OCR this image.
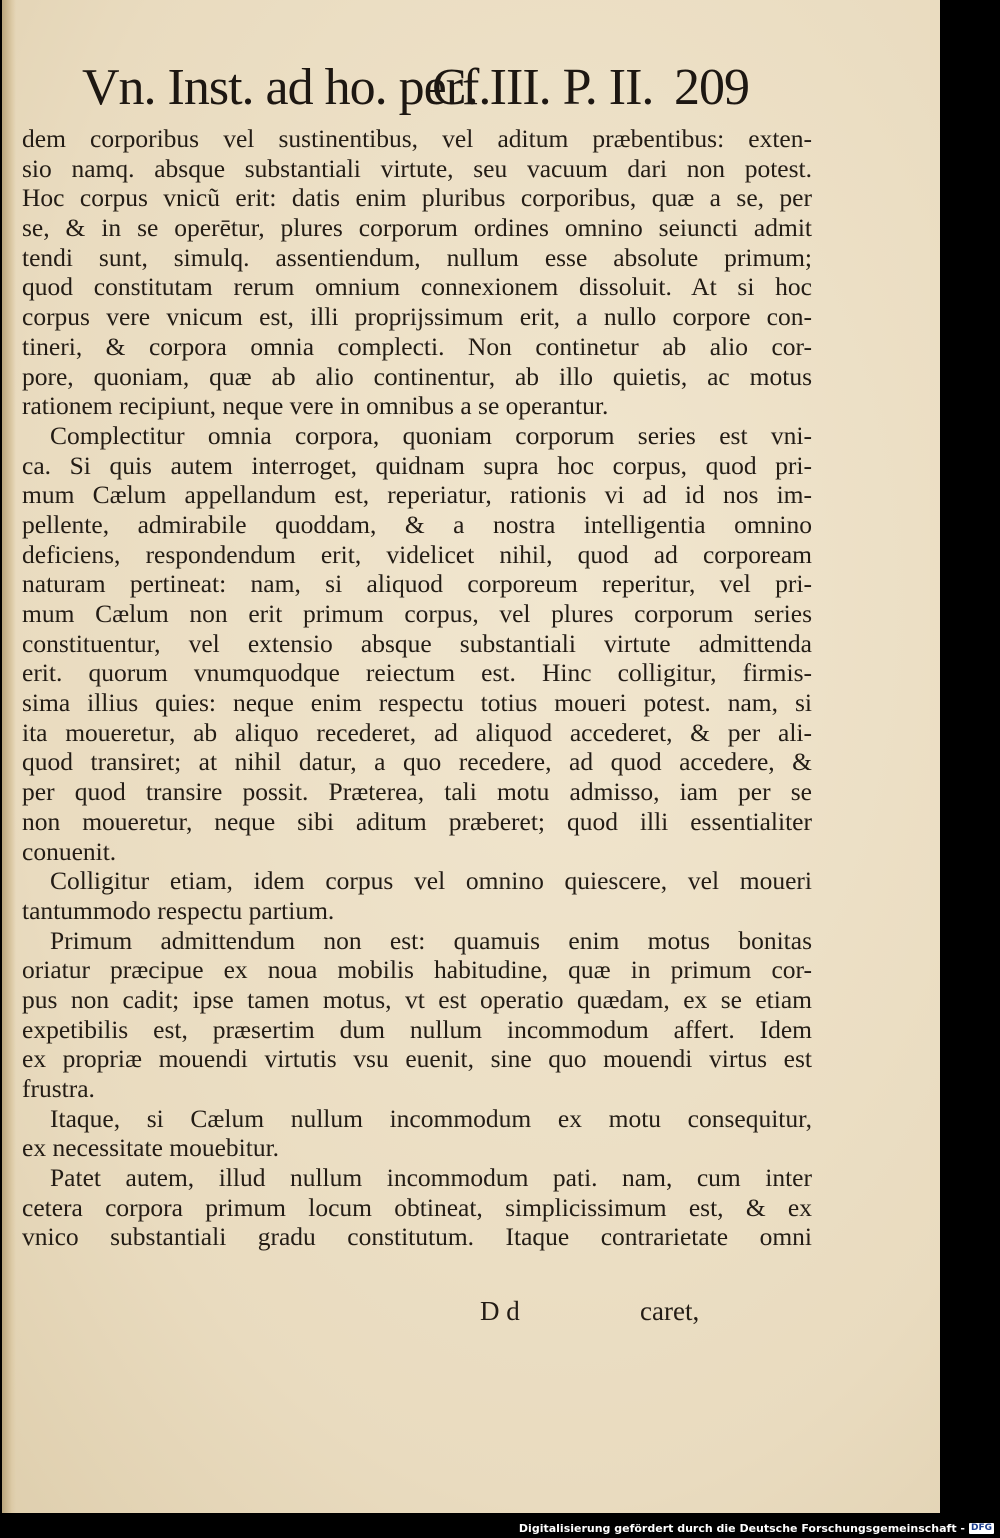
Vn. Inst. ad ho. perf.
C. III. P. II. 209
dem corporibus vel sustinentibus, vel aditum præbentibus: exten-
sio namq. absque substantiali virtute, seu vacuum dari non potest.
Hoc corpus vnicũ erit: datis enim pluribus corporibus, quæ a se, per
se, & in se operētur, plures corporum ordines omnino seiuncti admit
tendi sunt, simulq. assentiendum, nullum esse absolute primum;
quod constitutam rerum omnium connexionem dissoluit. At si hoc
corpus vere vnicum est, illi proprijssimum erit, a nullo corpore con-
tineri, & corpora omnia complecti. Non continetur ab alio cor-
pore, quoniam, quæ ab alio continentur, ab illo quietis, ac motus
rationem recipiunt, neque vere in omnibus a se operantur.
Complectitur omnia corpora, quoniam corporum series est vni-
ca. Si quis autem interroget, quidnam supra hoc corpus, quod pri-
mum Cælum appellandum est, reperiatur, rationis vi ad id nos im-
pellente, admirabile quoddam, & a nostra intelligentia omnino
deficiens, respondendum erit, videlicet nihil, quod ad corpoream
naturam pertineat: nam, si aliquod corporeum reperitur, vel pri-
mum Cælum non erit primum corpus, vel plures corporum series
constituentur, vel extensio absque substantiali virtute admittenda
erit. quorum vnumquodque reiectum est. Hinc colligitur, firmis-
sima illius quies: neque enim respectu totius moueri potest. nam, si
ita moueretur, ab aliquo recederet, ad aliquod accederet, & per ali-
quod transiret; at nihil datur, a quo recedere, ad quod accedere, &
per quod transire possit. Præterea, tali motu admisso, iam per se
non moueretur, neque sibi aditum præberet; quod illi essentialiter
conuenit.
Colligitur etiam, idem corpus vel omnino quiescere, vel moueri
tantummodo respectu partium.
Primum admittendum non est: quamuis enim motus bonitas
oriatur præcipue ex noua mobilis habitudine, quæ in primum cor-
pus non cadit; ipse tamen motus, vt est operatio quædam, ex se etiam
expetibilis est, præsertim dum nullum incommodum affert. Idem
ex propriæ mouendi virtutis vsu euenit, sine quo mouendi virtus est
frustra.
Itaque, si Cælum nullum incommodum ex motu consequitur,
ex necessitate mouebitur.
Patet autem, illud nullum incommodum pati. nam, cum inter
cetera corpora primum locum obtineat, simplicissimum est, & ex
vnico substantiali gradu constitutum. Itaque contrarietate omni
D d	caret,
Digitalisierung gefördert durch die Deutsche Forschungsgemeinschaft - DFG
